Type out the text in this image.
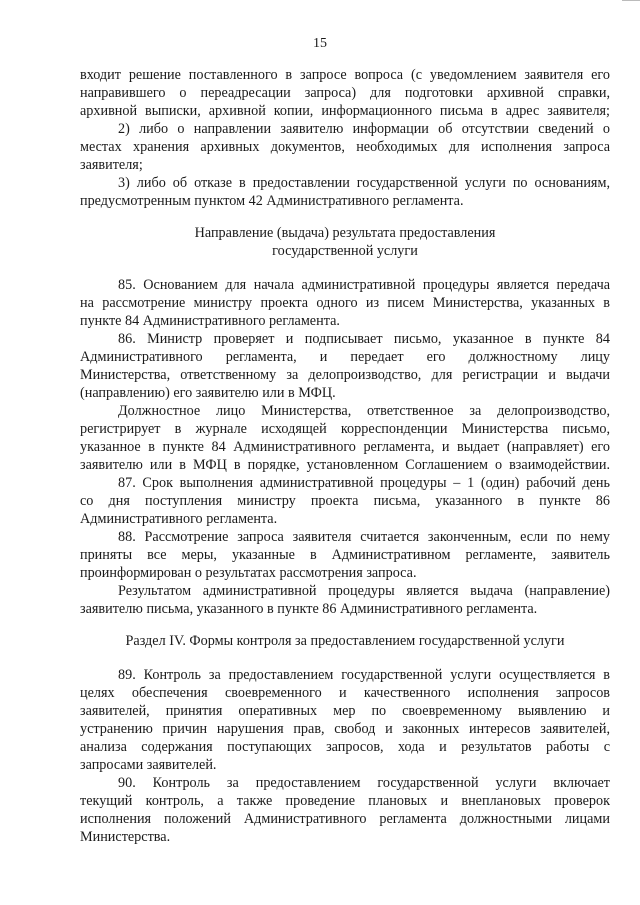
15
входит решение поставленного в запросе вопроса (с уведомлением заявителя его
направившего о переадресации запроса) для подготовки архивной справки,
архивной выписки, архивной копии, информационного письма в адрес заявителя;
2) либо о направлении заявителю информации об отсутствии сведений о
местах хранения архивных документов, необходимых для исполнения запроса
заявителя;
3) либо об отказе в предоставлении государственной услуги по основаниям,
предусмотренным пунктом 42 Административного регламента.
Направление (выдача) результата предоставления
государственной услуги
85. Основанием для начала административной процедуры является передача
на рассмотрение министру проекта одного из писем Министерства, указанных в
пункте 84 Административного регламента.
86. Министр проверяет и подписывает письмо, указанное в пункте 84
Административного регламента, и передает его должностному лицу
Министерства, ответственному за делопроизводство, для регистрации и выдачи
(направлению) его заявителю или в МФЦ.
Должностное лицо Министерства, ответственное за делопроизводство,
регистрирует в журнале исходящей корреспонденции Министерства письмо,
указанное в пункте 84 Административного регламента, и выдает (направляет) его
заявителю или в МФЦ в порядке, установленном Соглашением о взаимодействии.
87. Срок выполнения административной процедуры – 1 (один) рабочий день
со дня поступления министру проекта письма, указанного в пункте 86
Административного регламента.
88. Рассмотрение запроса заявителя считается законченным, если по нему
приняты все меры, указанные в Административном регламенте, заявитель
проинформирован о результатах рассмотрения запроса.
Результатом административной процедуры является выдача (направление)
заявителю письма, указанного в пункте 86 Административного регламента.
Раздел IV. Формы контроля за предоставлением государственной услуги
89. Контроль за предоставлением государственной услуги осуществляется в
целях обеспечения своевременного и качественного исполнения запросов
заявителей, принятия оперативных мер по своевременному выявлению и
устранению причин нарушения прав, свобод и законных интересов заявителей,
анализа содержания поступающих запросов, хода и результатов работы с
запросами заявителей.
90. Контроль за предоставлением государственной услуги включает
текущий контроль, а также проведение плановых и внеплановых проверок
исполнения положений Административного регламента должностными лицами
Министерства.
